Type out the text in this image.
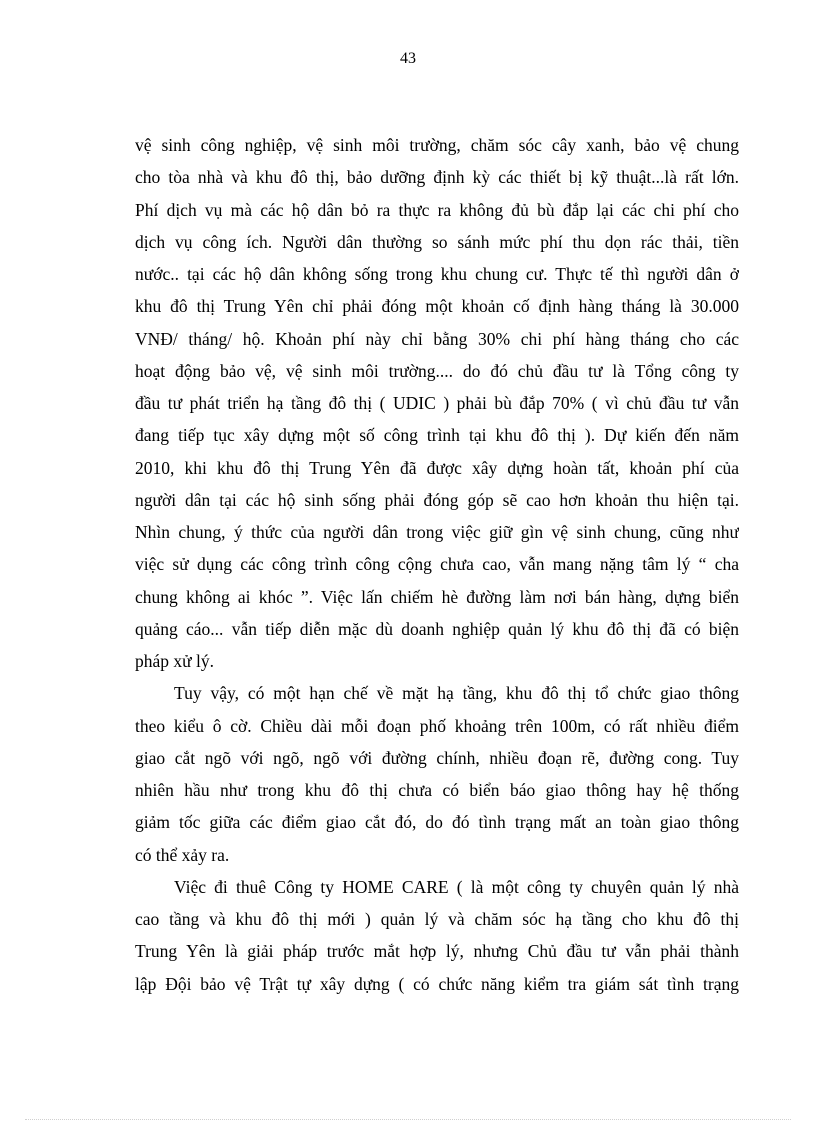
43
vệ sinh công nghiệp, vệ sinh môi trường, chăm sóc cây xanh, bảo vệ chung
cho tòa nhà và khu đô thị, bảo dưỡng định kỳ các thiết bị kỹ thuật...là rất lớn.
Phí dịch vụ mà các hộ dân bỏ ra thực ra không đủ bù đắp lại các chi phí cho
dịch vụ công ích. Người dân thường so sánh mức phí thu dọn rác thải, tiền
nước.. tại các hộ dân không sống trong khu chung cư. Thực tế thì người dân ở
khu đô thị Trung Yên chỉ phải đóng một khoản cố định hàng tháng là 30.000
VNĐ/ tháng/ hộ. Khoản phí này chỉ bằng 30% chi phí hàng tháng cho các
hoạt động bảo vệ, vệ sinh môi trường.... do đó chủ đầu tư là Tổng công ty
đầu tư phát triển hạ tầng đô thị ( UDIC ) phải bù đắp 70% ( vì chủ đầu tư vẫn
đang tiếp tục xây dựng một số công trình tại khu đô thị ). Dự kiến đến năm
2010, khi khu đô thị Trung Yên đã được xây dựng hoàn tất, khoản phí của
người dân tại các hộ sinh sống phải đóng góp sẽ cao hơn khoản thu hiện tại.
Nhìn chung, ý thức của người dân trong việc giữ gìn vệ sinh chung, cũng như
việc sử dụng các công trình công cộng chưa cao, vẫn mang nặng tâm lý “ cha
chung không ai khóc ”. Việc lấn chiếm hè đường làm nơi bán hàng, dựng biển
quảng cáo... vẫn tiếp diễn mặc dù doanh nghiệp quản lý khu đô thị đã có biện
pháp xử lý.
Tuy vậy, có một hạn chế về mặt hạ tầng, khu đô thị tổ chức giao thông
theo kiểu ô cờ. Chiều dài mỗi đoạn phố khoảng trên 100m, có rất nhiều điểm
giao cắt ngõ với ngõ, ngõ với đường chính, nhiều đoạn rẽ, đường cong. Tuy
nhiên hầu như trong khu đô thị chưa có biển báo giao thông hay hệ thống
giảm tốc giữa các điểm giao cắt đó, do đó tình trạng mất an toàn giao thông
có thể xảy ra.
Việc đi thuê Công ty HOME CARE ( là một công ty chuyên quản lý nhà
cao tầng và khu đô thị mới ) quản lý và chăm sóc hạ tầng cho khu đô thị
Trung Yên là giải pháp trước mắt hợp lý, nhưng Chủ đầu tư vẫn phải thành
lập Đội bảo vệ Trật tự xây dựng ( có chức năng kiểm tra giám sát tình trạng
